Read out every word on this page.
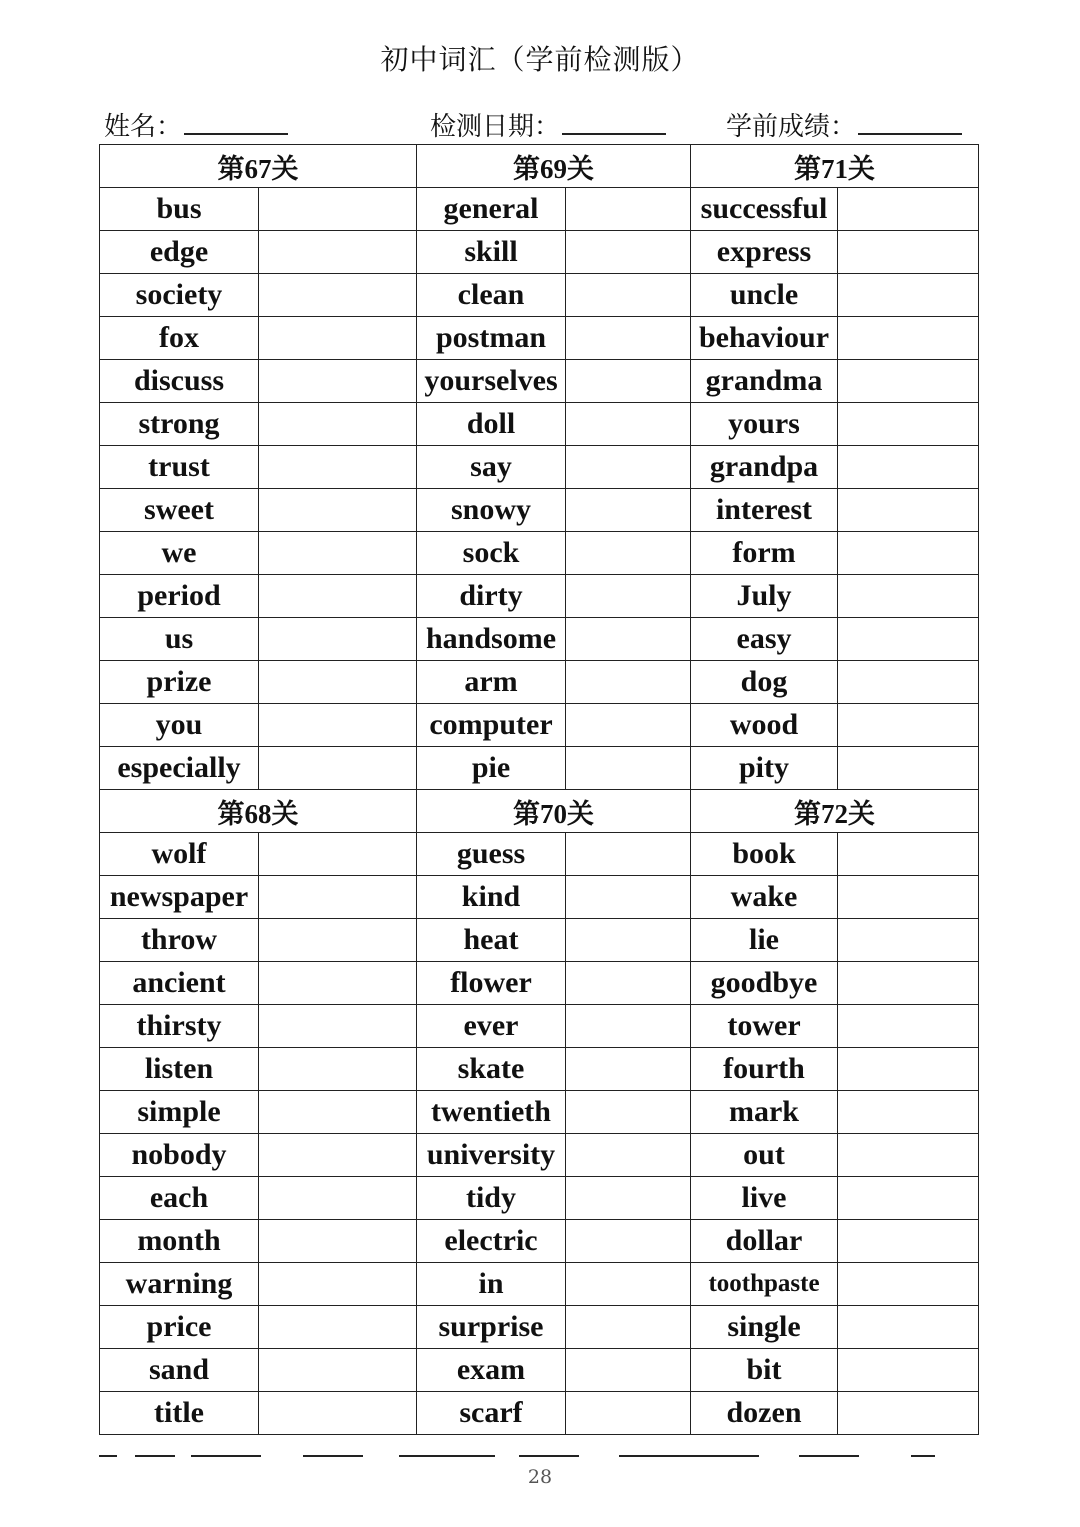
初中词汇（学前检测版）
姓名：	检测日期：	学前成绩：
第67关		第69关		第71关	
bus		general		successful	
edge		skill		express	
society		clean		uncle	
fox		postman		behaviour	
discuss		yourselves		grandma	
strong		doll		yours	
trust		say		grandpa	
sweet		snowy		interest	
we		sock		form	
period		dirty		July	
us		handsome		easy	
prize		arm		dog	
you		computer		wood	
especially		pie		pity	
第68关		第70关		第72关	
wolf		guess		book	
newspaper		kind		wake	
throw		heat		lie	
ancient		flower		goodbye	
thirsty		ever		tower	
listen		skate		fourth	
simple		twentieth		mark	
nobody		university		out	
each		tidy		live	
month		electric		dollar	
warning		in		toothpaste	
price		surprise		single	
sand		exam		bit	
title		scarf		dozen	
28
